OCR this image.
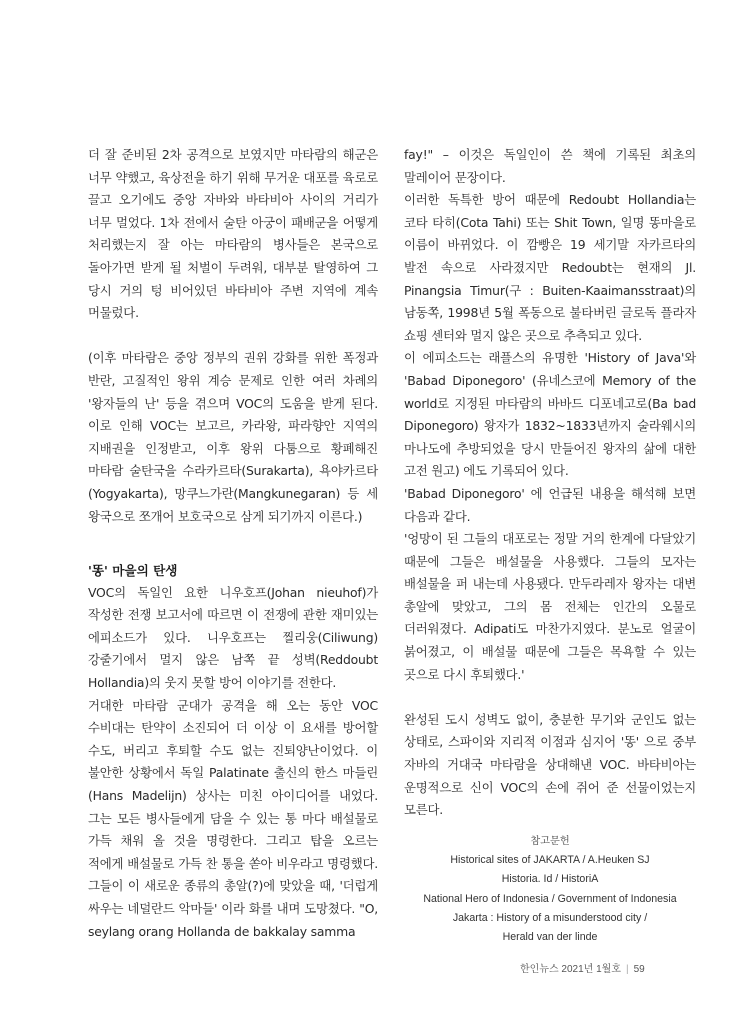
더 잘 준비된 2차 공격으로 보였지만 마타람의 해군은 너무 약했고, 육상전을 하기 위해 무거운 대포를 육로로 끌고 오기에도 중앙 자바와 바타비아 사이의 거리가 너무 멀었다. 1차 전에서 술탄 아궁이 패배군을 어떻게 처리했는지 잘 아는 마타람의 병사들은 본국으로 돌아가면 받게 될 처벌이 두려워, 대부분 탈영하여 그 당시 거의 텅 비어있던 바타비아 주변 지역에 계속 머물렀다.

(이후 마타람은 중앙 정부의 권위 강화를 위한 폭정과 반란, 고질적인 왕위 계승 문제로 인한 여러 차례의 '왕자들의 난' 등을 겪으며 VOC의 도움을 받게 된다. 이로 인해 VOC는 보고르, 카라왕, 파라향안 지역의 지배권을 인정받고, 이후 왕위 다툼으로 황폐해진 마타람 술탄국을 수라카르타(Surakarta), 욕야카르타(Yogyakarta), 망쿠느가란(Mangkunegaran) 등 세 왕국으로 쪼개어 보호국으로 삼게 되기까지 이른다.)

'똥' 마을의 탄생

VOC의 독일인 요한 니우호프(Johan nieuhof)가 작성한 전쟁 보고서에 따르면 이 전쟁에 관한 재미있는 에피소드가 있다. 니우호프는 찔리웅(Ciliwung) 강줄기에서 멀지 않은 남쪽 끝 성벽(Reddoubt Hollandia)의 웃지 못할 방어 이야기를 전한다.

거대한 마타람 군대가 공격을 해 오는 동안 VOC 수비대는 탄약이 소진되어 더 이상 이 요새를 방어할 수도, 버리고 후퇴할 수도 없는 진퇴양난이었다. 이 불안한 상황에서 독일 Palatinate 출신의 한스 마들린(Hans Madelijn) 상사는 미친 아이디어를 내었다. 그는 모든 병사들에게 담을 수 있는 통 마다 배설물로 가득 채워 올 것을 명령한다. 그리고 탑을 오르는 적에게 배설물로 가득 찬 통을 쏟아 비우라고 명령했다. 그들이 이 새로운 종류의 총알(?)에 맞았을 때, '더럽게 싸우는 네덜란드 악마들' 이라 화를 내며 도망쳤다. "O, seylang orang Hollanda de bakkalay samma

fay!" – 이것은 독일인이 쓴 책에 기록된 최초의 말레이어 문장이다.

이러한 독특한 방어 때문에 Redoubt Hollandia는 코타 타히(Cota Tahi) 또는 Shit Town, 일명 똥마을로 이름이 바뀌었다. 이 깜빵은 19 세기말 자카르타의 발전 속으로 사라졌지만 Redoubt는 현재의 Jl. Pinangsia Timur(구 : Buiten-Kaaimansstraat)의 남동쪽, 1998년 5월 폭동으로 불타버린 글로독 플라자 쇼핑 센터와 멀지 않은 곳으로 추측되고 있다.

이 에피소드는 래플스의 유명한 'History of Java'와 'Babad Diponegoro' (유네스코에 Memory of the world로 지정된 마타람의 바바드 디포네고로(Ba bad Diponegoro) 왕자가 1832~1833년까지 술라웨시의 마나도에 추방되었을 당시 만들어진 왕자의 삶에 대한 고전 원고) 에도 기록되어 있다.

'Babad Diponegoro' 에 언급된 내용을 해석해 보면 다음과 같다.

'엉망이 된 그들의 대포로는 정말 거의 한계에 다달았기 때문에 그들은 배설물을 사용했다. 그들의 모자는 배설물을 퍼 내는데 사용됐다. 만두라레자 왕자는 대변 총알에 맞았고, 그의 몸 전체는 인간의 오물로 더러워졌다. Adipati도 마찬가지였다. 분노로 얼굴이 붉어졌고, 이 배설물 때문에 그들은 목욕할 수 있는 곳으로 다시 후퇴했다.'

완성된 도시 성벽도 없이, 충분한 무기와 군인도 없는 상태로, 스파이와 지리적 이점과 심지어 '똥' 으로 중부 자바의 거대국 마타람을 상대해낸 VOC. 바타비아는 운명적으로 신이 VOC의 손에 쥐어 준 선물이었는지 모른다.

참고문헌
Historical sites of JAKARTA / A.Heuken SJ
Historia. Id / HistoriA
National Hero of Indonesia / Government of Indonesia
Jakarta : History of a misunderstood city /
Herald van der linde
한인뉴스 2021년 1월호 | 59
